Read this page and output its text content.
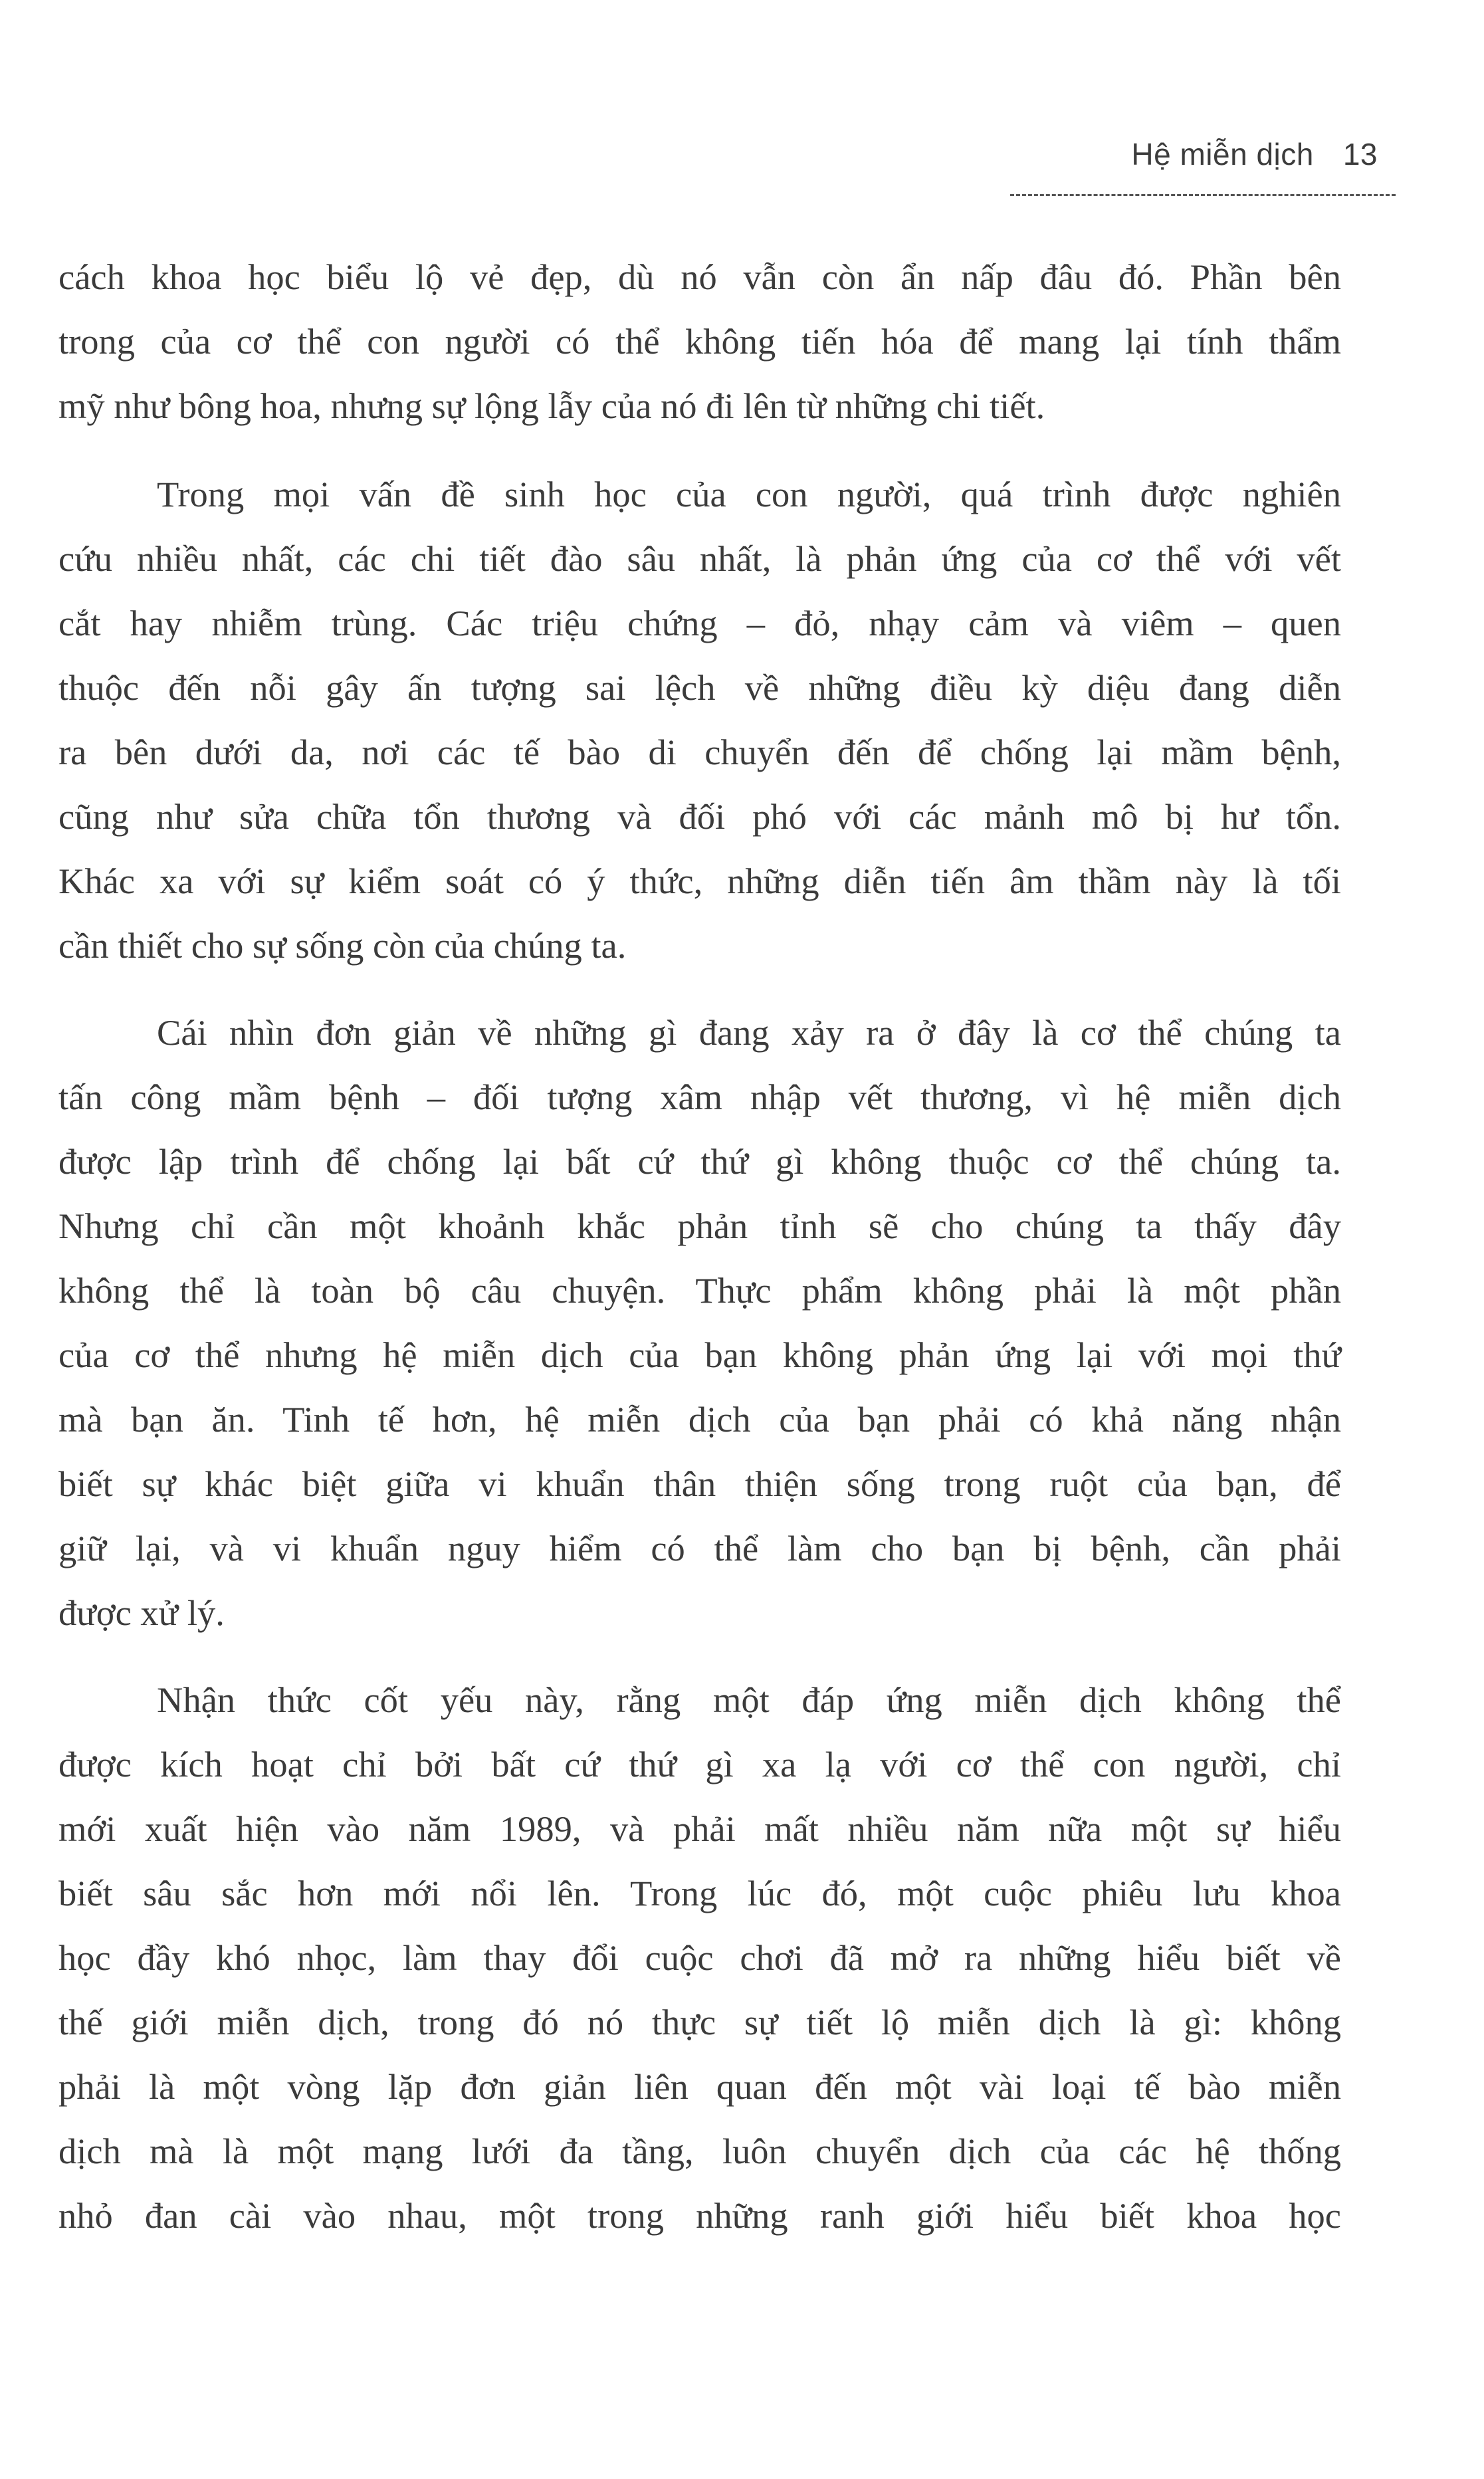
Hệ miễn dịch 13
cách khoa học biểu lộ vẻ đẹp, dù nó vẫn còn ẩn nấp đâu đó. Phần bên
trong của cơ thể con người có thể không tiến hóa để mang lại tính thẩm
mỹ như bông hoa, nhưng sự lộng lẫy của nó đi lên từ những chi tiết.
Trong mọi vấn đề sinh học của con người, quá trình được nghiên
cứu nhiều nhất, các chi tiết đào sâu nhất, là phản ứng của cơ thể với vết
cắt hay nhiễm trùng. Các triệu chứng – đỏ, nhạy cảm và viêm – quen
thuộc đến nỗi gây ấn tượng sai lệch về những điều kỳ diệu đang diễn
ra bên dưới da, nơi các tế bào di chuyển đến để chống lại mầm bệnh,
cũng như sửa chữa tổn thương và đối phó với các mảnh mô bị hư tổn.
Khác xa với sự kiểm soát có ý thức, những diễn tiến âm thầm này là tối
cần thiết cho sự sống còn của chúng ta.
Cái nhìn đơn giản về những gì đang xảy ra ở đây là cơ thể chúng ta
tấn công mầm bệnh – đối tượng xâm nhập vết thương, vì hệ miễn dịch
được lập trình để chống lại bất cứ thứ gì không thuộc cơ thể chúng ta.
Nhưng chỉ cần một khoảnh khắc phản tỉnh sẽ cho chúng ta thấy đây
không thể là toàn bộ câu chuyện. Thực phẩm không phải là một phần
của cơ thể nhưng hệ miễn dịch của bạn không phản ứng lại với mọi thứ
mà bạn ăn. Tinh tế hơn, hệ miễn dịch của bạn phải có khả năng nhận
biết sự khác biệt giữa vi khuẩn thân thiện sống trong ruột của bạn, để
giữ lại, và vi khuẩn nguy hiểm có thể làm cho bạn bị bệnh, cần phải
được xử lý.
Nhận thức cốt yếu này, rằng một đáp ứng miễn dịch không thể
được kích hoạt chỉ bởi bất cứ thứ gì xa lạ với cơ thể con người, chỉ
mới xuất hiện vào năm 1989, và phải mất nhiều năm nữa một sự hiểu
biết sâu sắc hơn mới nổi lên. Trong lúc đó, một cuộc phiêu lưu khoa
học đầy khó nhọc, làm thay đổi cuộc chơi đã mở ra những hiểu biết về
thế giới miễn dịch, trong đó nó thực sự tiết lộ miễn dịch là gì: không
phải là một vòng lặp đơn giản liên quan đến một vài loại tế bào miễn
dịch mà là một mạng lưới đa tầng, luôn chuyển dịch của các hệ thống
nhỏ đan cài vào nhau, một trong những ranh giới hiểu biết khoa học
